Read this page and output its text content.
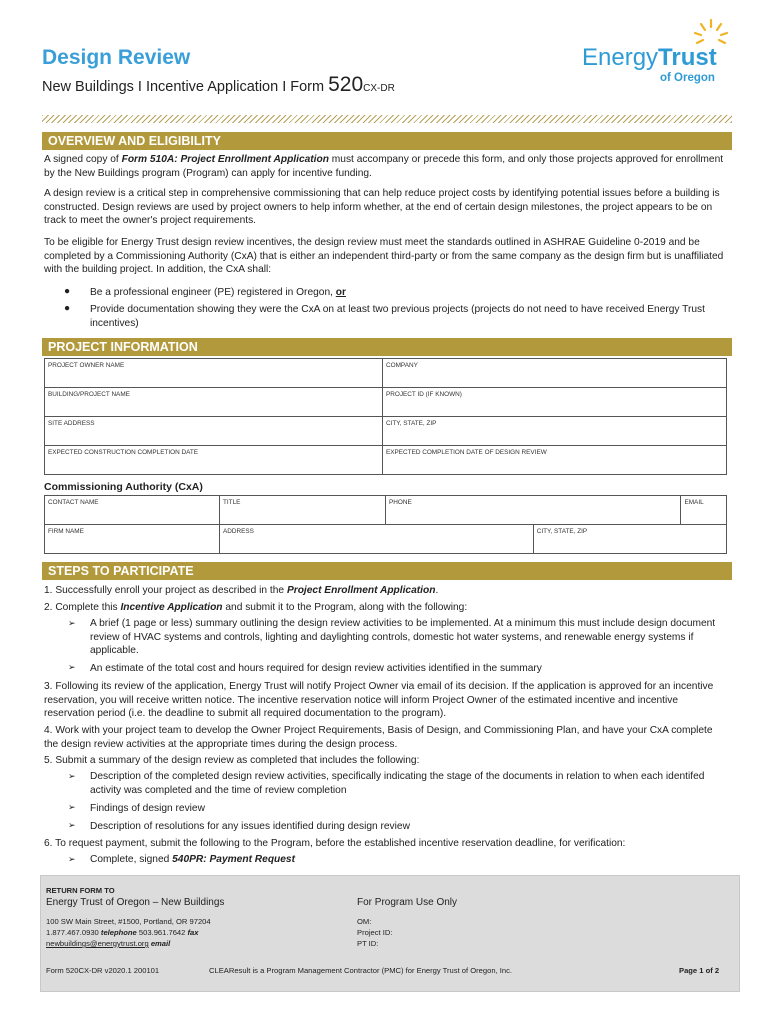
Design Review
New Buildings I Incentive Application I Form 520CX-DR
EnergyTrust
of Oregon
OVERVIEW AND ELIGIBILITY
A signed copy of Form 510A: Project Enrollment Application must accompany or precede this form, and only those projects approved for enrollment by the New Buildings program (Program) can apply for incentive funding.
A design review is a critical step in comprehensive commissioning that can help reduce project costs by identifying potential issues before a building is constructed. Design reviews are used by project owners to help inform whether, at the end of certain design milestones, the project appears to be on track to meet the owner's project requirements.
To be eligible for Energy Trust design review incentives, the design review must meet the standards outlined in ASHRAE Guideline 0-2019 and be completed by a Commissioning Authority (CxA) that is either an independent third-party or from the same company as the design firm but is unaffiliated with the building project. In addition, the CxA shall:
● Be a professional engineer (PE) registered in Oregon, or
● Provide documentation showing they were the CxA on at least two previous projects (projects do not need to have received Energy Trust incentives)
PROJECT INFORMATION
PROJECT OWNER NAME	COMPANY
BUILDING/PROJECT NAME	PROJECT ID (IF KNOWN)
SITE ADDRESS	CITY, STATE, ZIP
EXPECTED CONSTRUCTION COMPLETION DATE	EXPECTED COMPLETION DATE OF DESIGN REVIEW
Commissioning Authority (CxA)
CONTACT NAME	TITLE	PHONE		EMAIL
FIRM NAME	ADDRESS		CITY, STATE, ZIP	
STEPS TO PARTICIPATE
1. Successfully enroll your project as described in the Project Enrollment Application.
2. Complete this Incentive Application and submit it to the Program, along with the following:
➢ A brief (1 page or less) summary outlining the design review activities to be implemented. At a minimum this must include design document review of HVAC systems and controls, lighting and daylighting controls, domestic hot water systems, and renewable energy systems if applicable.
➢ An estimate of the total cost and hours required for design review activities identified in the summary
3. Following its review of the application, Energy Trust will notify Project Owner via email of its decision. If the application is approved for an incentive reservation, you will receive written notice. The incentive reservation notice will inform Project Owner of the estimated incentive and incentive reservation period (i.e. the deadline to submit all required documentation to the program).
4. Work with your project team to develop the Owner Project Requirements, Basis of Design, and Commissioning Plan, and have your CxA complete the design review activities at the appropriate times during the design process.
5. Submit a summary of the design review as completed that includes the following:
➢ Description of the completed design review activities, specifically indicating the stage of the documents in relation to when each identifed activity was completed and the time of review completion
➢ Findings of design review
➢ Description of resolutions for any issues identified during design review
6. To request payment, submit the following to the Program, before the established incentive reservation deadline, for verification:
➢ Complete, signed 540PR: Payment Request
RETURN FORM TO
Energy Trust of Oregon – New Buildings	For Program Use Only
100 SW Main Street, #1500, Portland, OR 97204
1.877.467.0930 telephone 503.961.7642 fax
newbuildings@energytrust.org email
OM:
Project ID:
PT ID:
Form 520CX-DR v2020.1 200101	CLEAResult is a Program Management Contractor (PMC) for Energy Trust of Oregon, Inc.	Page 1 of 2
